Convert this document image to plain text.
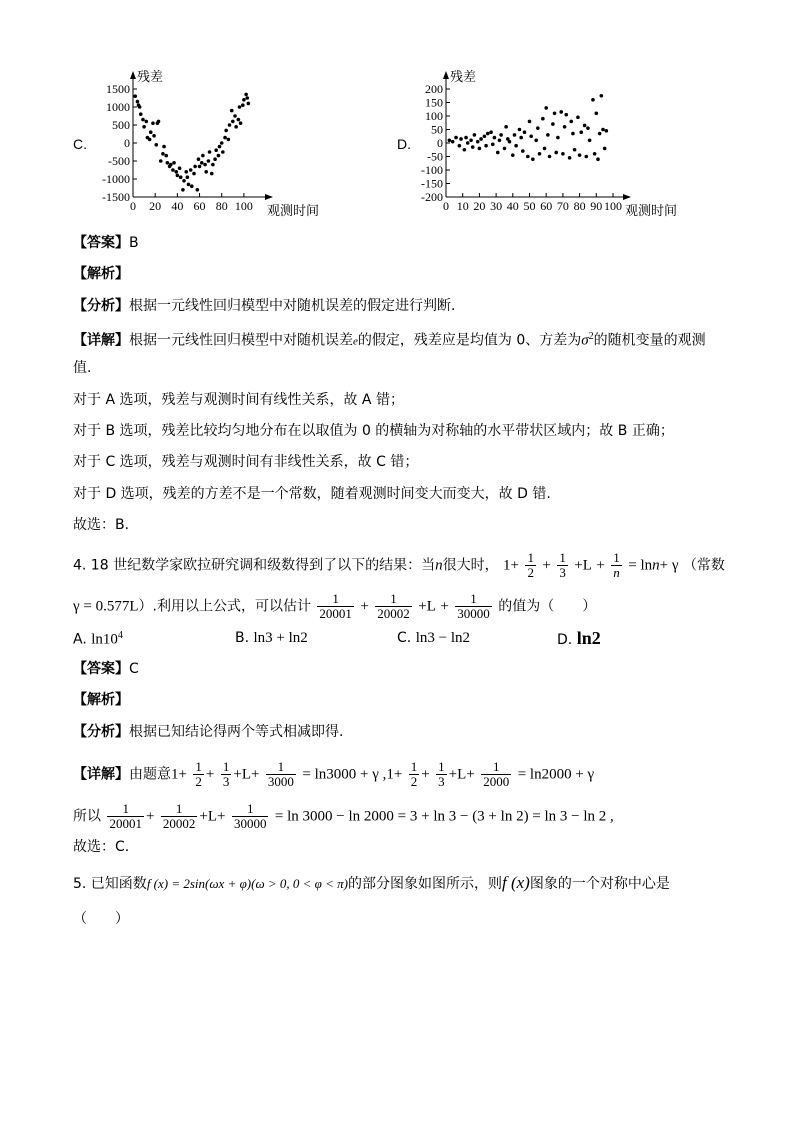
C.
1500
1000
500
0
-500
-1000
-1500
0 20 40 60 80 100
残差
观测时间
200
150
100
50
0
-50
-100
-150
-200
0 10 20 30 40 50 60 70 80 90 100
残差
观测时间
D.
【答案】B
【解析】
【分析】根据一元线性回归模型中对随机误差的假定进行判断.
【详解】根据一元线性回归模型中对随机误差e的假定，残差应是均值为 0、方差为$\sigma^2$的随机变量的观测
值.
对于 A 选项，残差与观测时间有线性关系，故 A 错；
对于 B 选项，残差比较均匀地分布在以取值为 0 的横轴为对称轴的水平带状区域内；故 B 正确；
对于 C 选项，残差与观测时间有非线性关系，故 C 错；
对于 D 选项，残差的方差不是一个常数，随着观测时间变大而变大，故 D 错.
故选：B.
4. 18 世纪数学家欧拉研究调和级数得到了以下的结果：当n很大时， $1+ \frac{1}{2} + \frac{1}{3} +L + \frac{1}{n} = \ln n+ \gamma$ （常数
γ = 0.577L）.利用以上公式，可以估计 $\frac{1}{20001} + \frac{1}{20002} +L + \frac{1}{30000}$ 的值为（　　）
A. $\ln 10^4$	B. ln3 + ln2	C. ln3 − ln2	D. ln2
【答案】C
【解析】
【分析】根据已知结论得两个等式相减即得.
【详解】由题意$1+ \frac{1}{2} + \frac{1}{3} +L+ \frac{1}{3000} = \ln 3000 + \gamma$ $,1+ \frac{1}{2} + \frac{1}{3} +L+ \frac{1}{2000} = \ln 2000 + \gamma$
所以 $\frac{1}{20001} + \frac{1}{20002} +L+ \frac{1}{30000} = \ln 3000 - \ln 2000 = 3 + \ln 3 - (3 + \ln 2) = \ln 3 - \ln 2$ ,
故选：C.
5. 已知函数f (x) = 2sin(ωx + φ)(ω > 0, 0 < φ < π)的部分图象如图所示，则f (x)图象的一个对称中心是
（　　）
